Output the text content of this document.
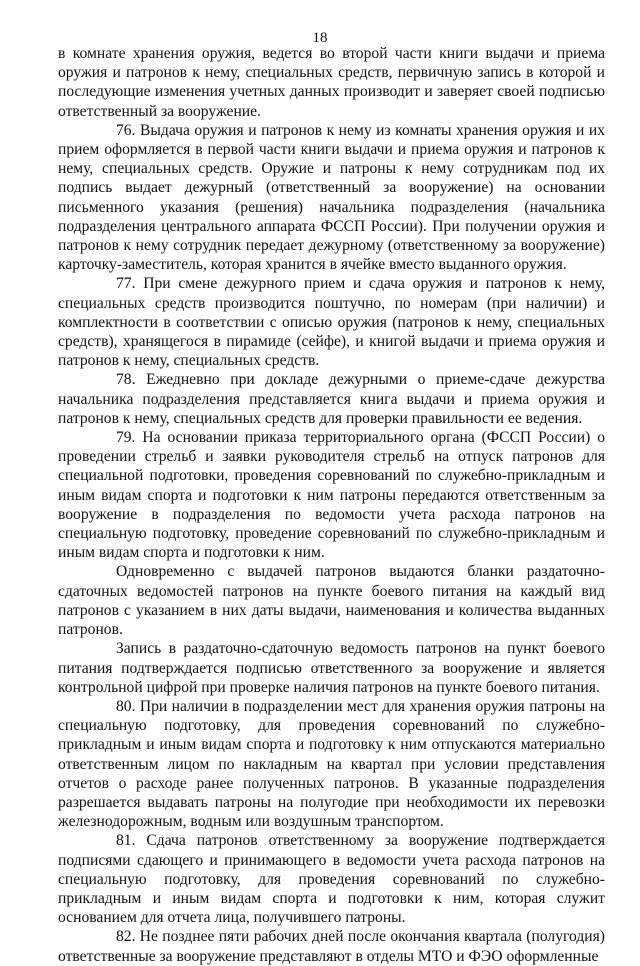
18

в комнате хранения оружия, ведется во второй части книги выдачи и приема оружия и патронов к нему, специальных средств, первичную запись в которой и последующие изменения учетных данных производит и заверяет своей подписью ответственный за вооружение.

76. Выдача оружия и патронов к нему из комнаты хранения оружия и их прием оформляется в первой части книги выдачи и приема оружия и патронов к нему, специальных средств. Оружие и патроны к нему сотрудникам под их подпись выдает дежурный (ответственный за вооружение) на основании письменного указания (решения) начальника подразделения (начальника подразделения центрального аппарата ФССП России). При получении оружия и патронов к нему сотрудник передает дежурному (ответственному за вооружение) карточку-заместитель, которая хранится в ячейке вместо выданного оружия.

77. При смене дежурного прием и сдача оружия и патронов к нему, специальных средств производится поштучно, по номерам (при наличии) и комплектности в соответствии с описью оружия (патронов к нему, специальных средств), хранящегося в пирамиде (сейфе), и книгой выдачи и приема оружия и патронов к нему, специальных средств.

78. Ежедневно при докладе дежурными о приеме-сдаче дежурства начальника подразделения представляется книга выдачи и приема оружия и патронов к нему, специальных средств для проверки правильности ее ведения.

79. На основании приказа территориального органа (ФССП России) о проведении стрельб и заявки руководителя стрельб на отпуск патронов для специальной подготовки, проведения соревнований по служебно-прикладным и иным видам спорта и подготовки к ним патроны передаются ответственным за вооружение в подразделения по ведомости учета расхода патронов на специальную подготовку, проведение соревнований по служебно-прикладным и иным видам спорта и подготовки к ним.

Одновременно с выдачей патронов выдаются бланки раздаточно-сдаточных ведомостей патронов на пункте боевого питания на каждый вид патронов с указанием в них даты выдачи, наименования и количества выданных патронов.

Запись в раздаточно-сдаточную ведомость патронов на пункт боевого питания подтверждается подписью ответственного за вооружение и является контрольной цифрой при проверке наличия патронов на пункте боевого питания.

80. При наличии в подразделении мест для хранения оружия патроны на специальную подготовку, для проведения соревнований по служебно-прикладным и иным видам спорта и подготовку к ним отпускаются материально ответственным лицом по накладным на квартал при условии представления отчетов о расходе ранее полученных патронов. В указанные подразделения разрешается выдавать патроны на полугодие при необходимости их перевозки железнодорожным, водным или воздушным транспортом.

81. Сдача патронов ответственному за вооружение подтверждается подписями сдающего и принимающего в ведомости учета расхода патронов на специальную подготовку, для проведения соревнований по служебно-прикладным и иным видам спорта и подготовки к ним, которая служит основанием для отчета лица, получившего патроны.

82. Не позднее пяти рабочих дней после окончания квартала (полугодия) ответственные за вооружение представляют в отделы МТО и ФЭО оформленные
